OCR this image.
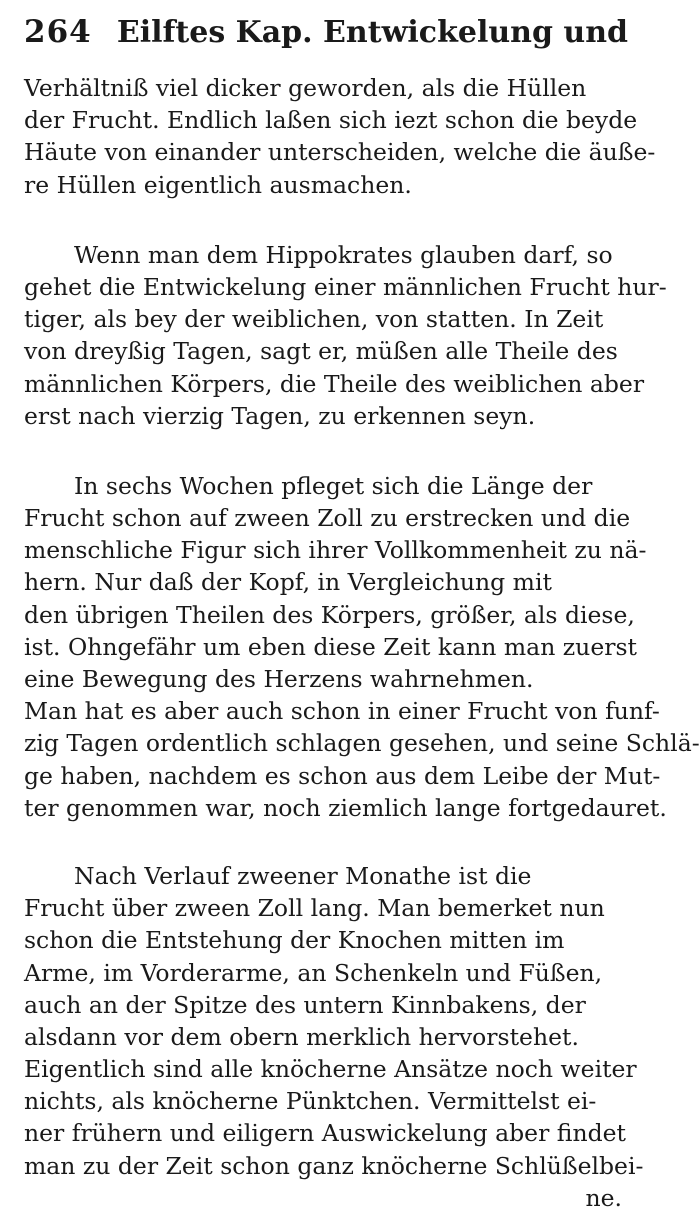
264 Eilftes Kap. Entwickelung und
Verhältniß viel dicker geworden, als die Hüllen
der Frucht. Endlich laßen sich iezt schon die beyde
Häute von einander unterscheiden, welche die äuße-
re Hüllen eigentlich ausmachen.
Wenn man dem Hippokrates glauben darf, so
gehet die Entwickelung einer männlichen Frucht hur-
tiger, als bey der weiblichen, von statten. In Zeit
von dreyßig Tagen, sagt er, müßen alle Theile des
männlichen Körpers, die Theile des weiblichen aber
erst nach vierzig Tagen, zu erkennen seyn.
In sechs Wochen pfleget sich die Länge der
Frucht schon auf zween Zoll zu erstrecken und die
menschliche Figur sich ihrer Vollkommenheit zu nä-
hern. Nur daß der Kopf, in Vergleichung mit
den übrigen Theilen des Körpers, größer, als diese,
ist. Ohngefähr um eben diese Zeit kann man zuerst
eine Bewegung des Herzens wahrnehmen.
Man hat es aber auch schon in einer Frucht von funf-
zig Tagen ordentlich schlagen gesehen, und seine Schlä-
ge haben, nachdem es schon aus dem Leibe der Mut-
ter genommen war, noch ziemlich lange fortgedauret.
Nach Verlauf zweener Monathe ist die
Frucht über zween Zoll lang. Man bemerket nun
schon die Entstehung der Knochen mitten im
Arme, im Vorderarme, an Schenkeln und Füßen,
auch an der Spitze des untern Kinnbakens, der
alsdann vor dem obern merklich hervorstehet.
Eigentlich sind alle knöcherne Ansätze noch weiter
nichts, als knöcherne Pünktchen. Vermittelst ei-
ner frühern und eiligern Auswickelung aber findet
man zu der Zeit schon ganz knöcherne Schlüßelbei-
ne.
